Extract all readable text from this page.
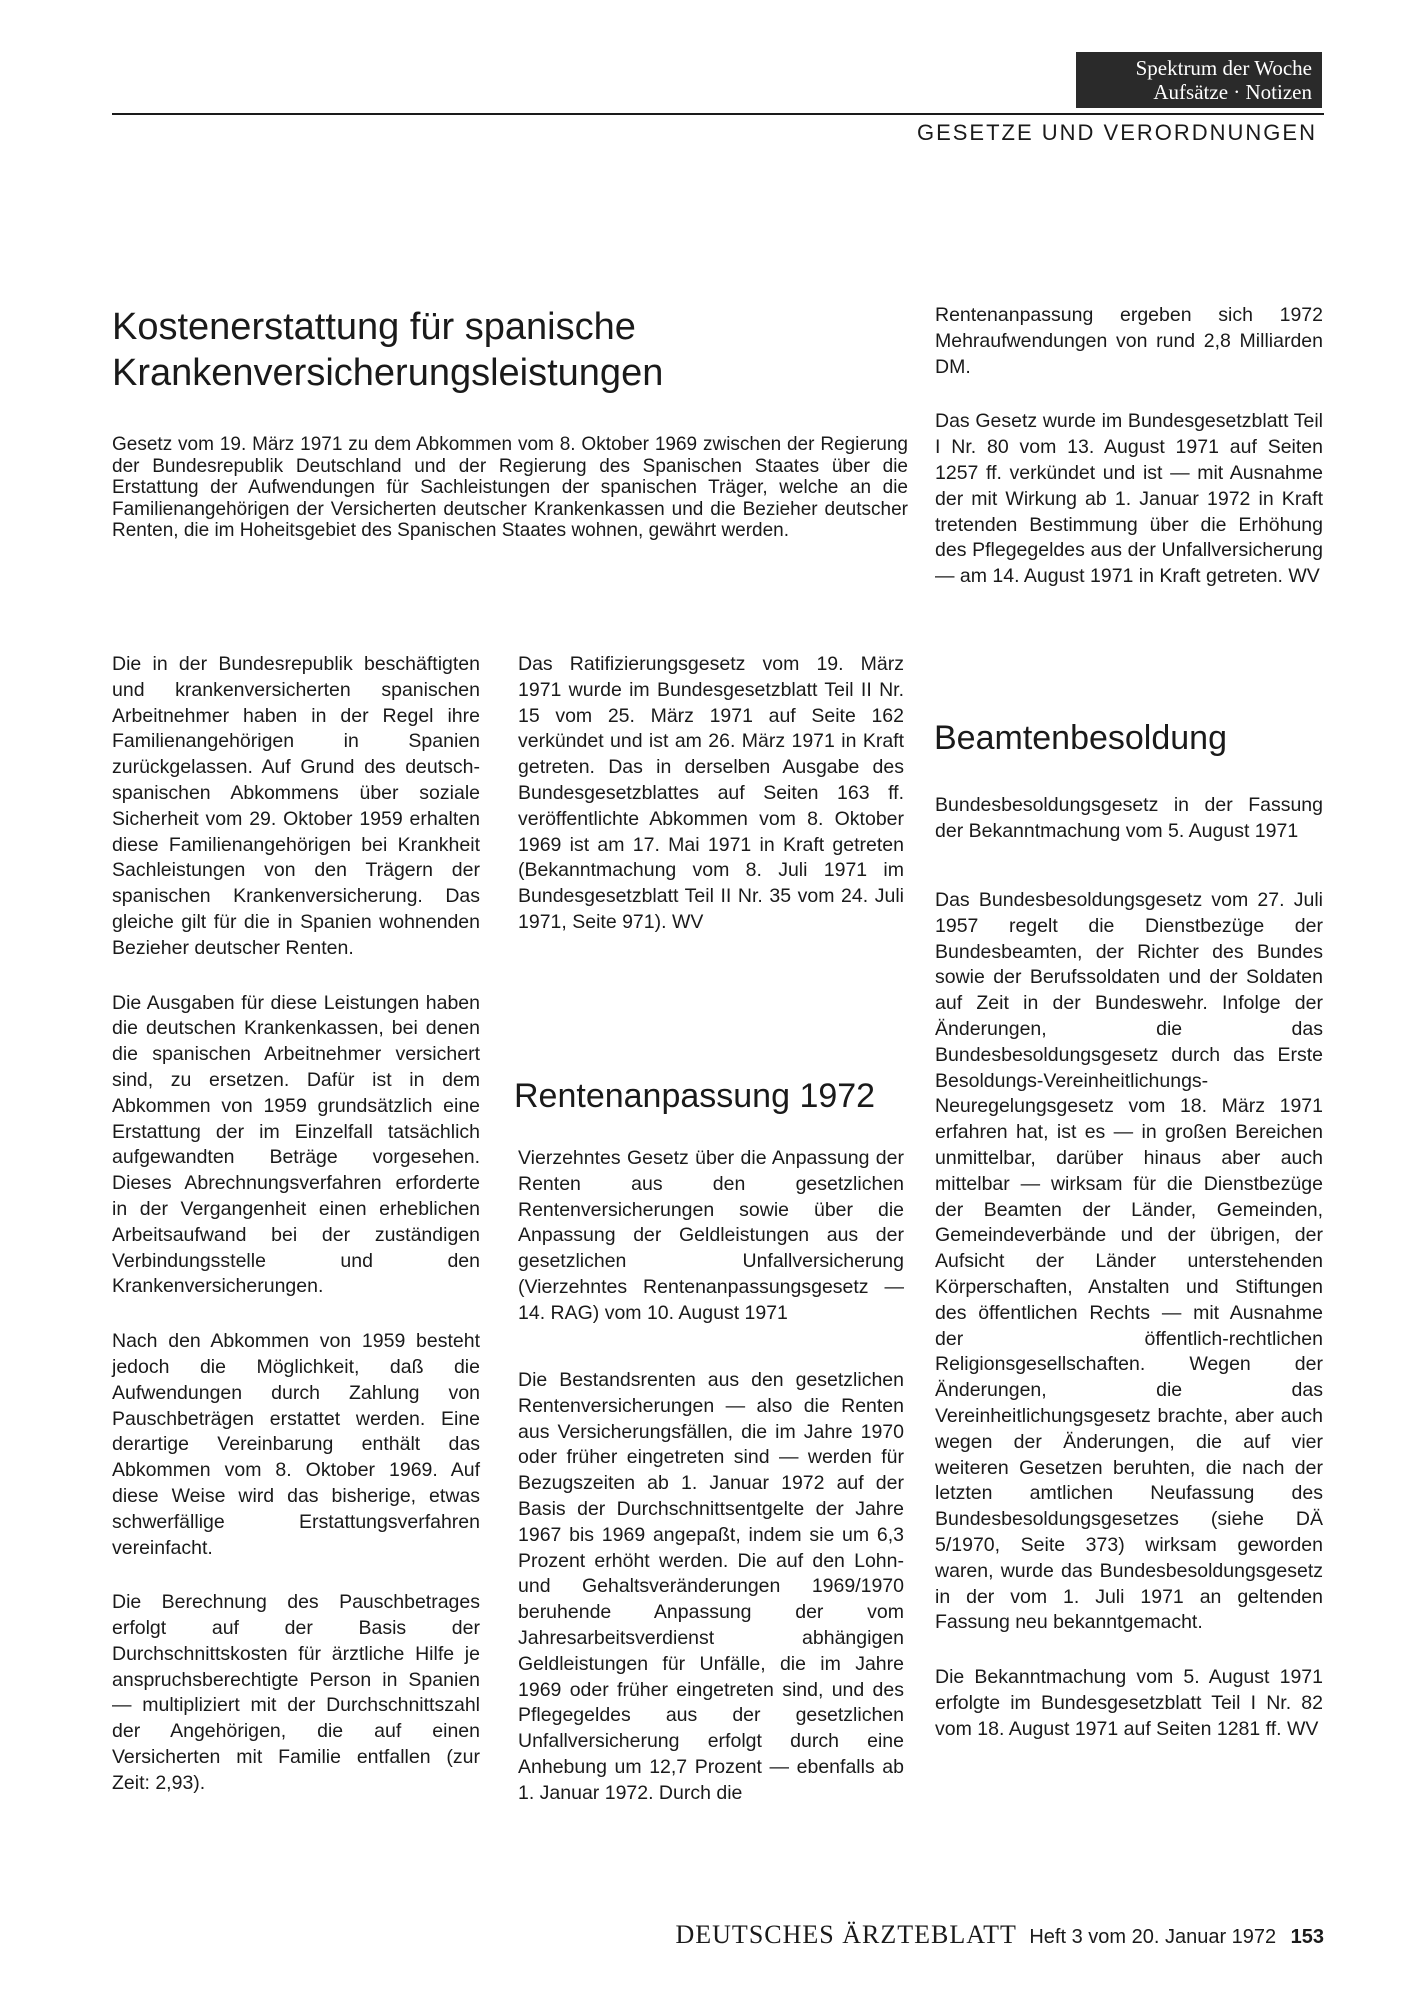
Spektrum der Woche
Aufsätze · Notizen
GESETZE UND VERORDNUNGEN
Kostenerstattung für spanische
Krankenversicherungsleistungen
Gesetz vom 19. März 1971 zu dem Abkommen vom 8. Oktober 1969 zwischen der Regierung der Bundesrepublik Deutschland und der Regierung des Spanischen Staates über die Erstattung der Aufwendungen für Sachleistungen der spanischen Träger, welche an die Familienangehörigen der Versicherten deutscher Krankenkassen und die Bezieher deutscher Renten, die im Hoheitsgebiet des Spanischen Staates wohnen, gewährt werden.

Die in der Bundesrepublik beschäftigten und krankenversicherten spanischen Arbeitnehmer haben in der Regel ihre Familienangehörigen in Spanien zurückgelassen. Auf Grund des deutsch-spanischen Abkommens über soziale Sicherheit vom 29. Oktober 1959 erhalten diese Familienangehörigen bei Krankheit Sachleistungen von den Trägern der spanischen Krankenversicherung. Das gleiche gilt für die in Spanien wohnenden Bezieher deutscher Renten.

Die Ausgaben für diese Leistungen haben die deutschen Krankenkassen, bei denen die spanischen Arbeitnehmer versichert sind, zu ersetzen. Dafür ist in dem Abkommen von 1959 grundsätzlich eine Erstattung der im Einzelfall tatsächlich aufgewandten Beträge vorgesehen. Dieses Abrechnungsverfahren erforderte in der Vergangenheit einen erheblichen Arbeitsaufwand bei der zuständigen Verbindungsstelle und den Krankenversicherungen.

Nach den Abkommen von 1959 besteht jedoch die Möglichkeit, daß die Aufwendungen durch Zahlung von Pauschbeträgen erstattet werden. Eine derartige Vereinbarung enthält das Abkommen vom 8. Oktober 1969. Auf diese Weise wird das bisherige, etwas schwerfällige Erstattungsverfahren vereinfacht.

Die Berechnung des Pauschbetrages erfolgt auf der Basis der Durchschnittskosten für ärztliche Hilfe je anspruchsberechtigte Person in Spanien — multipliziert mit der Durchschnittszahl der Angehörigen, die auf einen Versicherten mit Familie entfallen (zur Zeit: 2,93).

Das Ratifizierungsgesetz vom 19. März 1971 wurde im Bundesgesetzblatt Teil II Nr. 15 vom 25. März 1971 auf Seite 162 verkündet und ist am 26. März 1971 in Kraft getreten. Das in derselben Ausgabe des Bundesgesetzblattes auf Seiten 163 ff. veröffentlichte Abkommen vom 8. Oktober 1969 ist am 17. Mai 1971 in Kraft getreten (Bekanntmachung vom 8. Juli 1971 im Bundesgesetzblatt Teil II Nr. 35 vom 24. Juli 1971, Seite 971). WV

Rentenanpassung 1972
Vierzehntes Gesetz über die Anpassung der Renten aus den gesetzlichen Rentenversicherungen sowie über die Anpassung der Geldleistungen aus der gesetzlichen Unfallversicherung (Vierzehntes Rentenanpassungsgesetz — 14. RAG) vom 10. August 1971

Die Bestandsrenten aus den gesetzlichen Rentenversicherungen — also die Renten aus Versicherungsfällen, die im Jahre 1970 oder früher eingetreten sind — werden für Bezugszeiten ab 1. Januar 1972 auf der Basis der Durchschnittsentgelte der Jahre 1967 bis 1969 angepaßt, indem sie um 6,3 Prozent erhöht werden. Die auf den Lohn- und Gehaltsveränderungen 1969/1970 beruhende Anpassung der vom Jahresarbeitsverdienst abhängigen Geldleistungen für Unfälle, die im Jahre 1969 oder früher eingetreten sind, und des Pflegegeldes aus der gesetzlichen Unfallversicherung erfolgt durch eine Anhebung um 12,7 Prozent — ebenfalls ab 1. Januar 1972. Durch die

Rentenanpassung ergeben sich 1972 Mehraufwendungen von rund 2,8 Milliarden DM.

Das Gesetz wurde im Bundesgesetzblatt Teil I Nr. 80 vom 13. August 1971 auf Seiten 1257 ff. verkündet und ist — mit Ausnahme der mit Wirkung ab 1. Januar 1972 in Kraft tretenden Bestimmung über die Erhöhung des Pflegegeldes aus der Unfallversicherung — am 14. August 1971 in Kraft getreten. WV

Beamtenbesoldung
Bundesbesoldungsgesetz in der Fassung der Bekanntmachung vom 5. August 1971

Das Bundesbesoldungsgesetz vom 27. Juli 1957 regelt die Dienstbezüge der Bundesbeamten, der Richter des Bundes sowie der Berufssoldaten und der Soldaten auf Zeit in der Bundeswehr. Infolge der Änderungen, die das Bundesbesoldungsgesetz durch das Erste Besoldungs-Vereinheitlichungs-Neuregelungsgesetz vom 18. März 1971 erfahren hat, ist es — in großen Bereichen unmittelbar, darüber hinaus aber auch mittelbar — wirksam für die Dienstbezüge der Beamten der Länder, Gemeinden, Gemeindeverbände und der übrigen, der Aufsicht der Länder unterstehenden Körperschaften, Anstalten und Stiftungen des öffentlichen Rechts — mit Ausnahme der öffentlich-rechtlichen Religionsgesellschaften. Wegen der Änderungen, die das Vereinheitlichungsgesetz brachte, aber auch wegen der Änderungen, die auf vier weiteren Gesetzen beruhten, die nach der letzten amtlichen Neufassung des Bundesbesoldungsgesetzes (siehe DÄ 5/1970, Seite 373) wirksam geworden waren, wurde das Bundesbesoldungsgesetz in der vom 1. Juli 1971 an geltenden Fassung neu bekanntgemacht.

Die Bekanntmachung vom 5. August 1971 erfolgte im Bundesgesetzblatt Teil I Nr. 82 vom 18. August 1971 auf Seiten 1281 ff. WV

DEUTSCHES ÄRZTEBLATT Heft 3 vom 20. Januar 1972 153
